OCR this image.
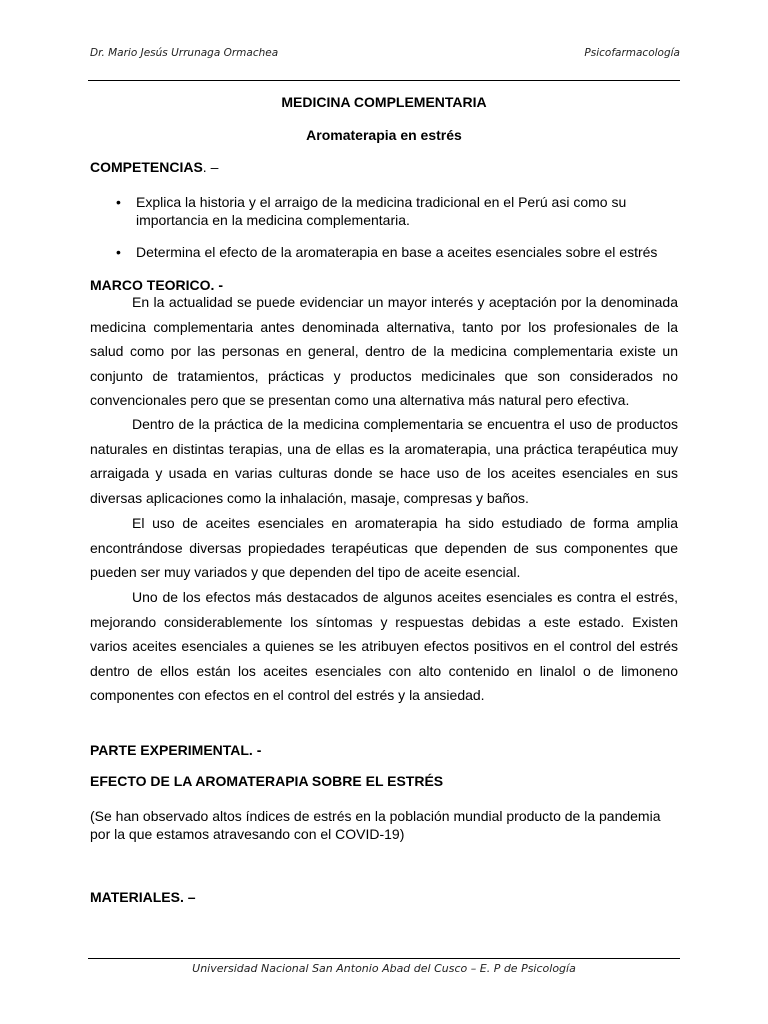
Dr. Mario Jesús Urrunaga Ormachea	Psicofarmacología
MEDICINA COMPLEMENTARIA
Aromaterapia en estrés
COMPETENCIAS. –
• Explica la historia y el arraigo de la medicina tradicional en el Perú asi como su importancia en la medicina complementaria.
• Determina el efecto de la aromaterapia en base a aceites esenciales sobre el estrés
MARCO TEORICO. -

En la actualidad se puede evidenciar un mayor interés y aceptación por la denominada medicina complementaria antes denominada alternativa, tanto por los profesionales de la salud como por las personas en general, dentro de la medicina complementaria existe un conjunto de tratamientos, prácticas y productos medicinales que son considerados no convencionales pero que se presentan como una alternativa más natural pero efectiva.

Dentro de la práctica de la medicina complementaria se encuentra el uso de productos naturales en distintas terapias, una de ellas es la aromaterapia, una práctica terapéutica muy arraigada y usada en varias culturas donde se hace uso de los aceites esenciales en sus diversas aplicaciones como la inhalación, masaje, compresas y baños.

El uso de aceites esenciales en aromaterapia ha sido estudiado de forma amplia encontrándose diversas propiedades terapéuticas que dependen de sus componentes que pueden ser muy variados y que dependen del tipo de aceite esencial.

Uno de los efectos más destacados de algunos aceites esenciales es contra el estrés, mejorando considerablemente los síntomas y respuestas debidas a este estado. Existen varios aceites esenciales a quienes se les atribuyen efectos positivos en el control del estrés dentro de ellos están los aceites esenciales con alto contenido en linalol o de limoneno componentes con efectos en el control del estrés y la ansiedad.

PARTE EXPERIMENTAL. -
EFECTO DE LA AROMATERAPIA SOBRE EL ESTRÉS

(Se han observado altos índices de estrés en la población mundial producto de la pandemia por la que estamos atravesando con el COVID-19)

MATERIALES. –
Universidad Nacional San Antonio Abad del Cusco – E. P de Psicología
